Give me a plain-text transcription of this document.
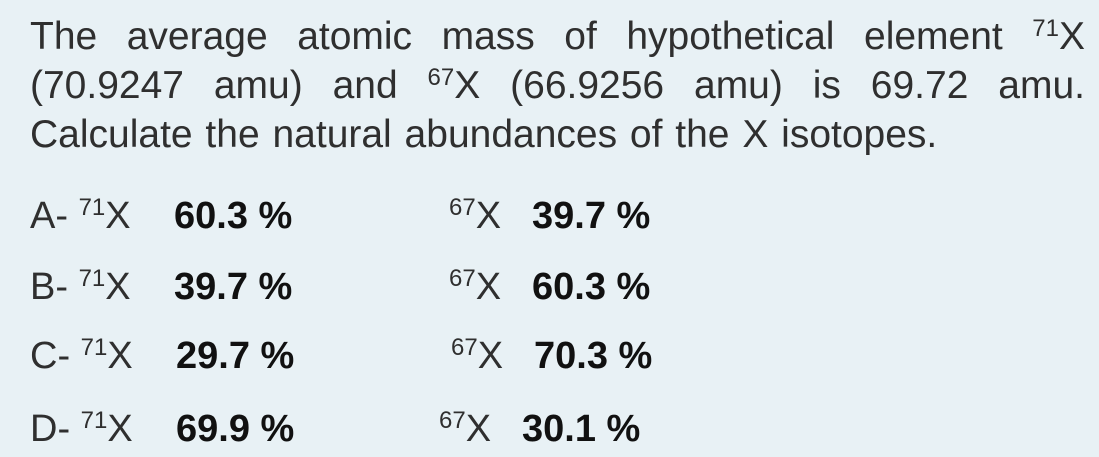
The average atomic mass of hypothetical element $^{71}$X (70.9247 amu) and $^{67}$X (66.9256 amu) is 69.72 amu. Calculate the natural abundances of the X isotopes.
A- $^{71}$X 60.3 %	$^{67}$X 39.7 %
B- $^{71}$X 39.7 %	$^{67}$X 60.3 %
C- $^{71}$X 29.7 %	$^{67}$X 70.3 %
D- $^{71}$X 69.9 %	$^{67}$X 30.1 %
